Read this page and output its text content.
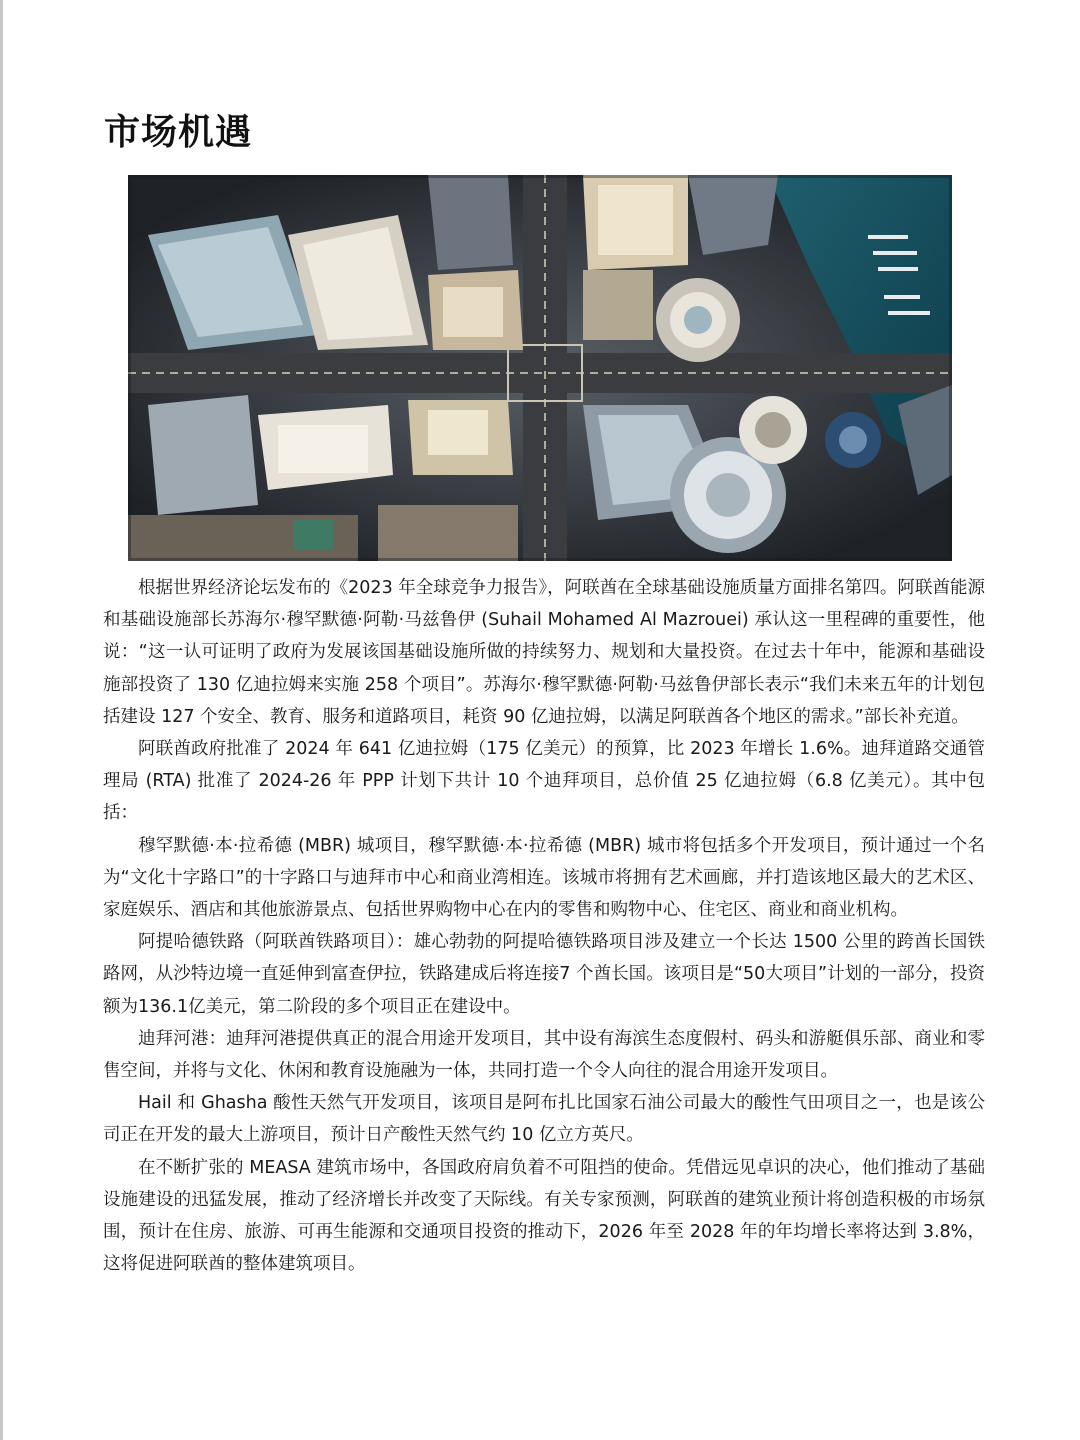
市场机遇

根据世界经济论坛发布的《2023 年全球竞争力报告》，阿联酋在全球基础设施质量方面排名第四。阿联酋能源和基础设施部长苏海尔·穆罕默德·阿勒·马兹鲁伊 (Suhail Mohamed Al Mazrouei) 承认这一里程碑的重要性，他说：“这一认可证明了政府为发展该国基础设施所做的持续努力、规划和大量投资。在过去十年中，能源和基础设施部投资了 130 亿迪拉姆来实施 258 个项目”。苏海尔·穆罕默德·阿勒·马兹鲁伊部长表示“我们未来五年的计划包括建设 127 个安全、教育、服务和道路项目，耗资 90 亿迪拉姆，以满足阿联酋各个地区的需求。”部长补充道。

阿联酋政府批准了 2024 年 641 亿迪拉姆（175 亿美元）的预算，比 2023 年增长 1.6%。迪拜道路交通管理局 (RTA) 批准了 2024-26 年 PPP 计划下共计 10 个迪拜项目，总价值 25 亿迪拉姆（6.8 亿美元）。其中包括：

穆罕默德·本·拉希德 (MBR) 城项目，穆罕默德·本·拉希德 (MBR) 城市将包括多个开发项目，预计通过一个名为“文化十字路口”的十字路口与迪拜市中心和商业湾相连。该城市将拥有艺术画廊，并打造该地区最大的艺术区、家庭娱乐、酒店和其他旅游景点、包括世界购物中心在内的零售和购物中心、住宅区、商业和商业机构。

阿提哈德铁路（阿联酋铁路项目）：雄心勃勃的阿提哈德铁路项目涉及建立一个长达 1500 公里的跨酋长国铁路网，从沙特边境一直延伸到富查伊拉，铁路建成后将连接7 个酋长国。该项目是“50大项目”计划的一部分，投资额为136.1亿美元，第二阶段的多个项目正在建设中。

迪拜河港：迪拜河港提供真正的混合用途开发项目，其中设有海滨生态度假村、码头和游艇俱乐部、商业和零售空间，并将与文化、休闲和教育设施融为一体，共同打造一个令人向往的混合用途开发项目。

Hail 和 Ghasha 酸性天然气开发项目，该项目是阿布扎比国家石油公司最大的酸性气田项目之一，也是该公司正在开发的最大上游项目，预计日产酸性天然气约 10 亿立方英尺。

在不断扩张的 MEASA 建筑市场中，各国政府肩负着不可阻挡的使命。凭借远见卓识的决心，他们推动了基础设施建设的迅猛发展，推动了经济增长并改变了天际线。有关专家预测，阿联酋的建筑业预计将创造积极的市场氛围，预计在住房、旅游、可再生能源和交通项目投资的推动下，2026 年至 2028 年的年均增长率将达到 3.8%，这将促进阿联酋的整体建筑项目。
